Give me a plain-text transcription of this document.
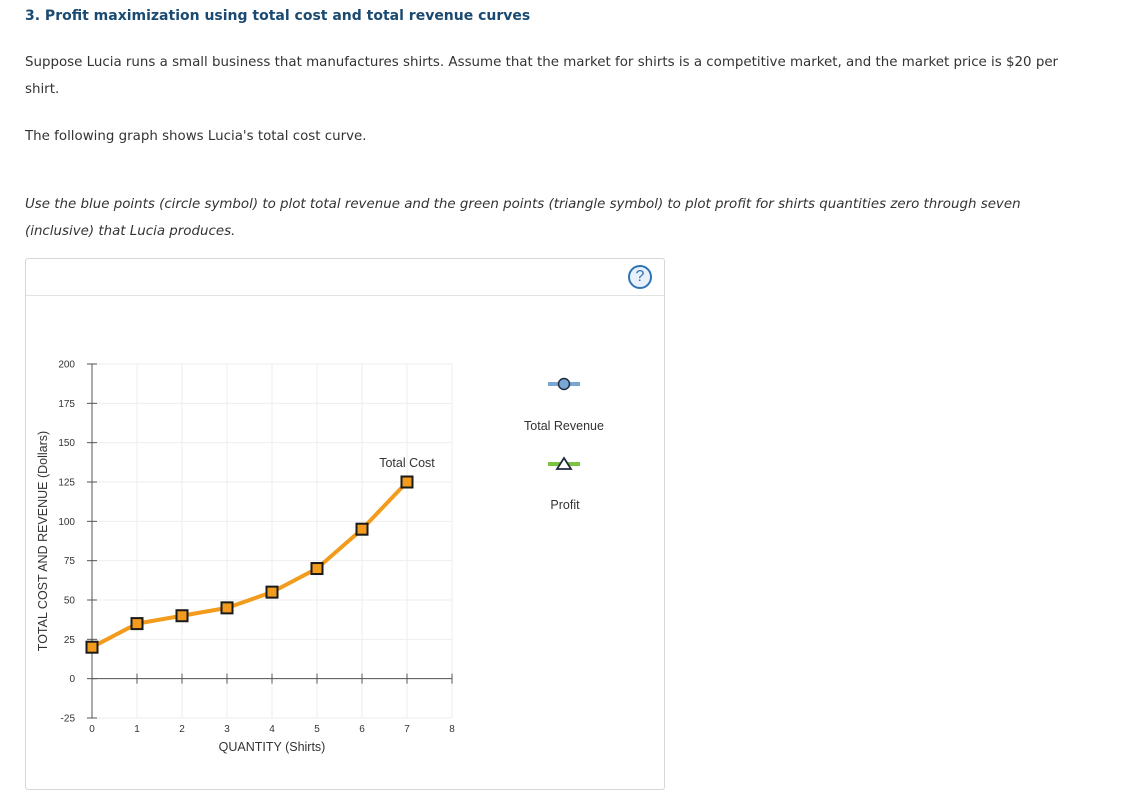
3. Profit maximization using total cost and total revenue curves
Suppose Lucia runs a small business that manufactures shirts. Assume that the market for shirts is a competitive market, and the market price is $20 per shirt.
The following graph shows Lucia's total cost curve.
Use the blue points (circle symbol) to plot total revenue and the green points (triangle symbol) to plot profit for shirts quantities zero through seven (inclusive) that Lucia produces.
?
-25
0
25
50
75
100
125
150
175
200
0	1	2	3	4	5	6	7	8
QUANTITY (Shirts)
TOTAL COST AND REVENUE (Dollars)	Total Cost
Total Revenue
Profit
